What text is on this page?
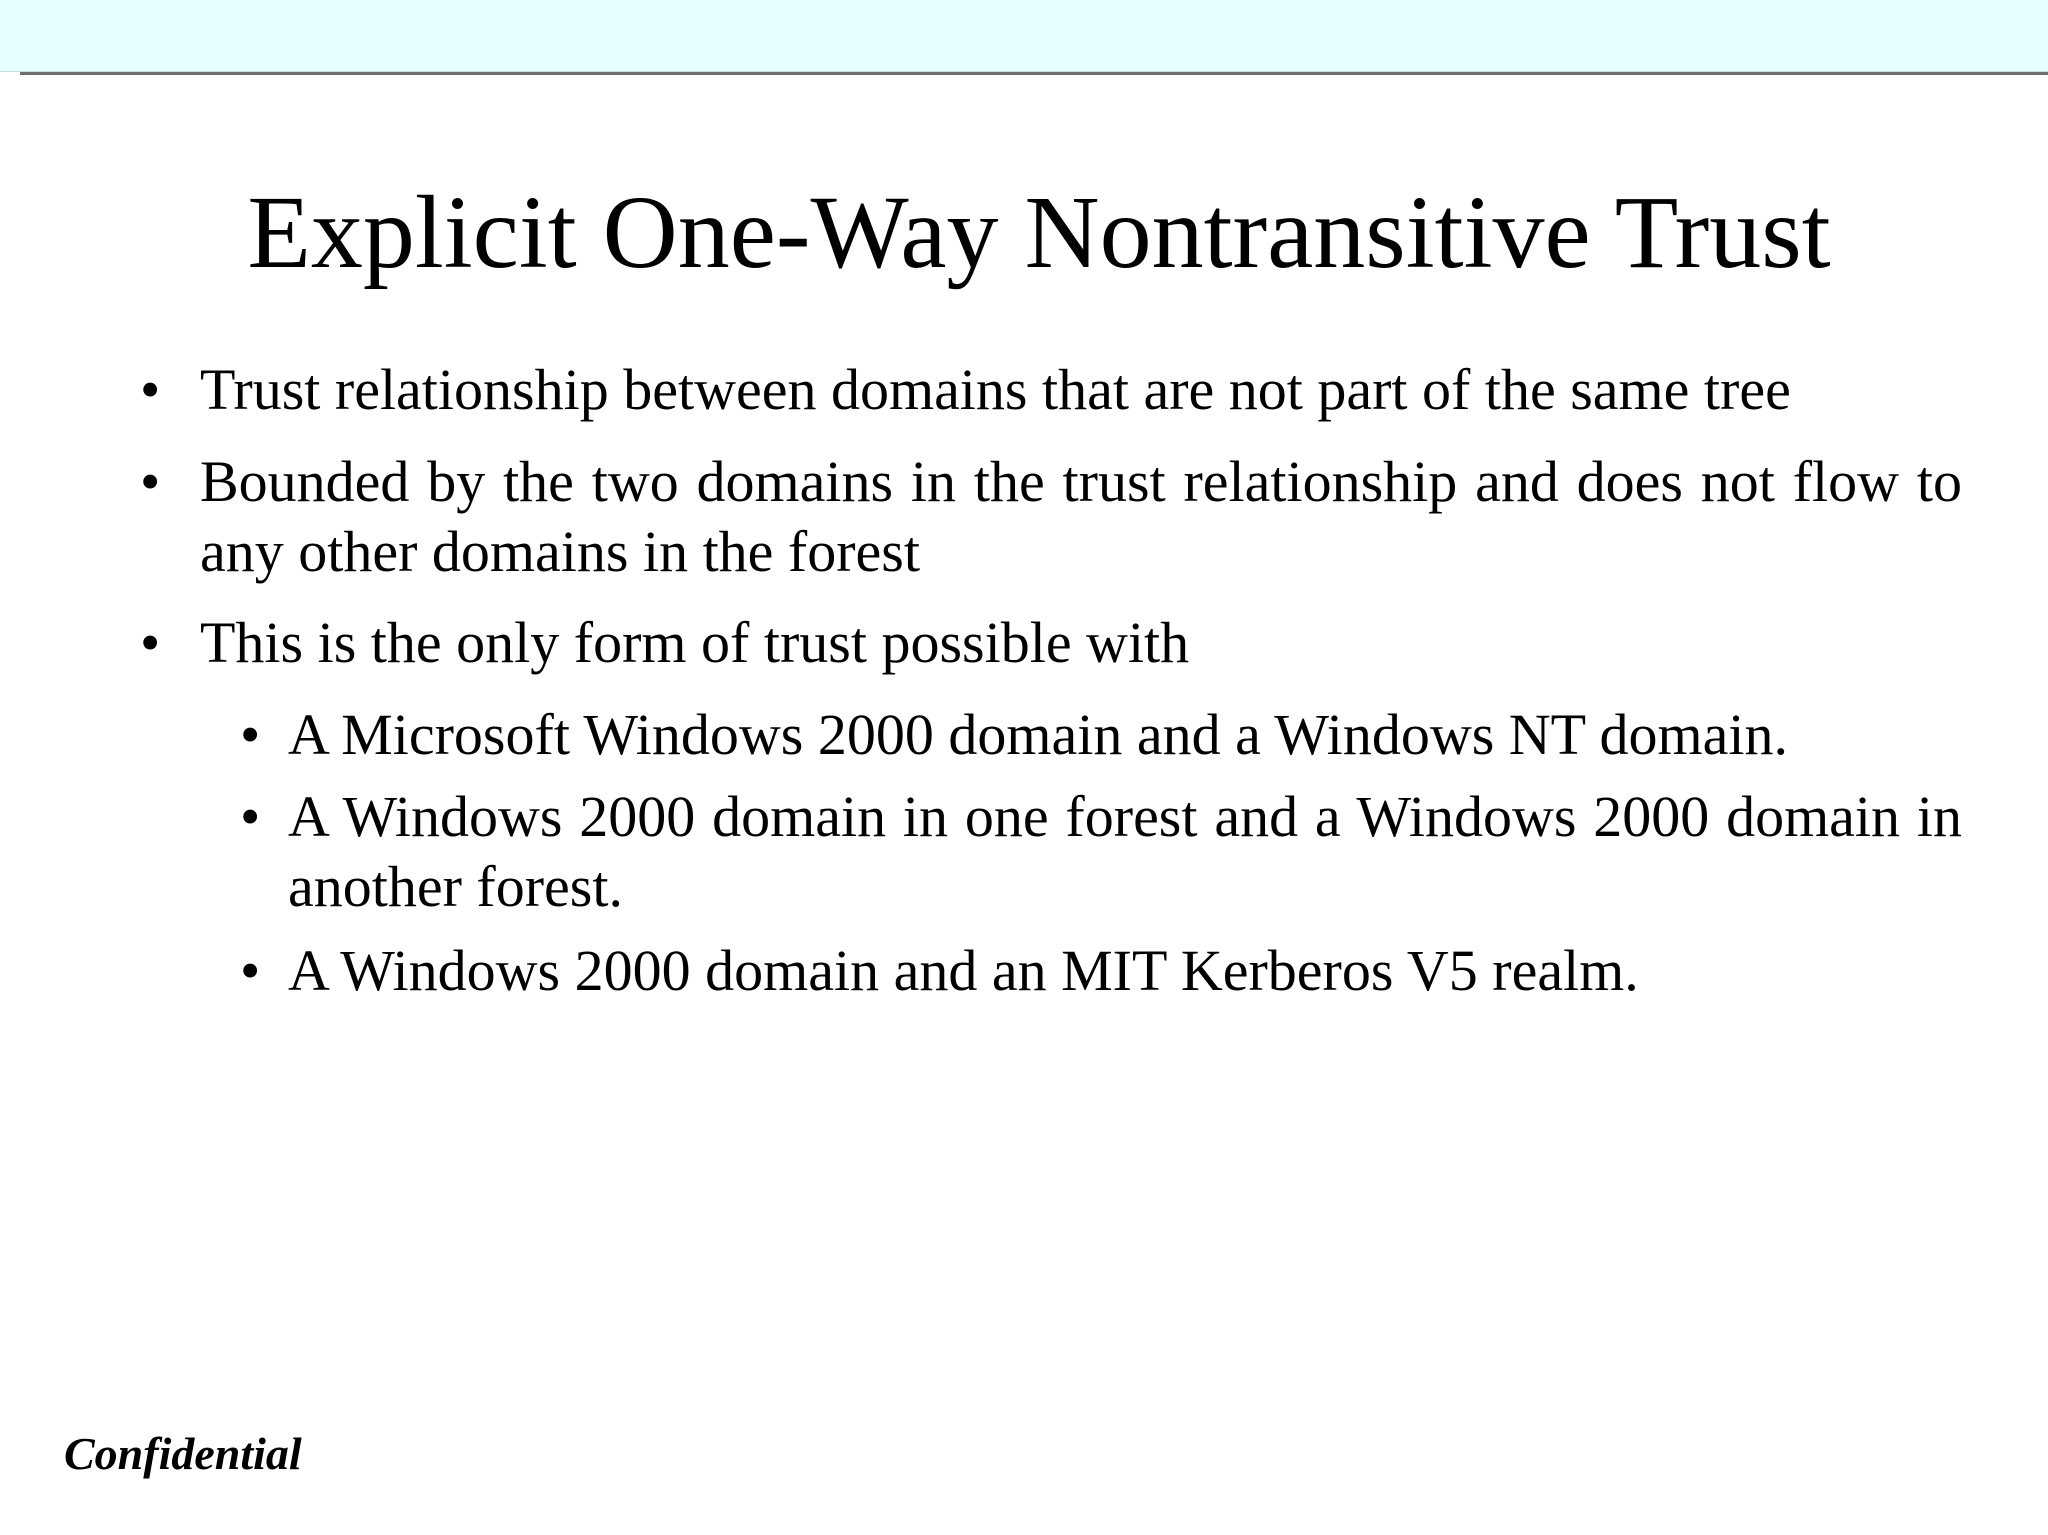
Explicit One-Way Nontransitive Trust
• Trust relationship between domains that are not part of the same tree
• Bounded by the two domains in the trust relationship and does not flow to any other domains in the forest
• This is the only form of trust possible with
• A Microsoft Windows 2000 domain and a Windows NT domain.
• A Windows 2000 domain in one forest and a Windows 2000 domain in another forest.
• A Windows 2000 domain and an MIT Kerberos V5 realm.
Confidential
